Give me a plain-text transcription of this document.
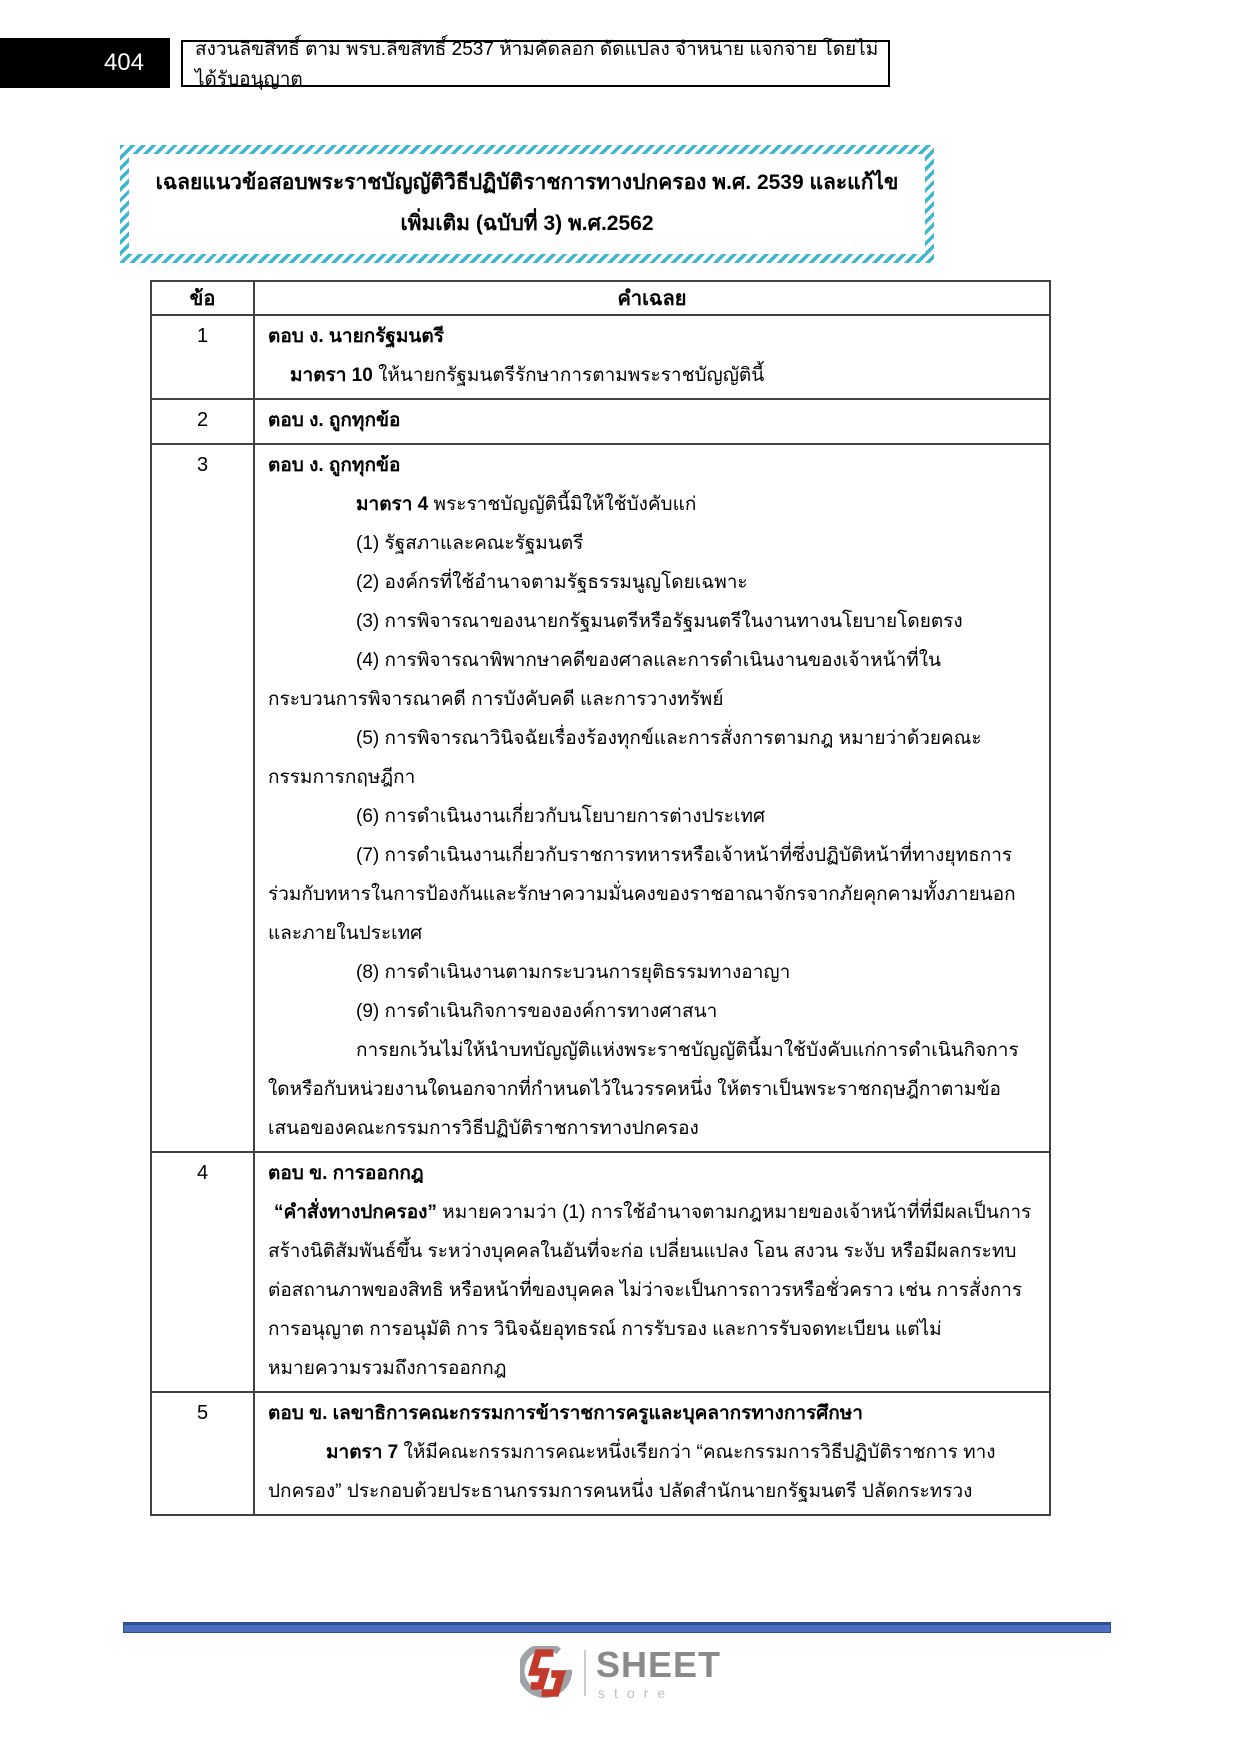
404	สงวนลิขสิทธิ์ ตาม พรบ.ลิขสิทธิ์ 2537 ห้ามคัดลอก ดัดแปลง จำหน่าย แจกจ่าย โดยไม่ได้รับอนุญาต
เฉลยแนวข้อสอบพระราชบัญญัติวิธีปฏิบัติราชการทางปกครอง พ.ศ. 2539 และแก้ไขเพิ่มเติม (ฉบับที่ 3) พ.ศ.2562
ข้อ	คำเฉลย
1	ตอบ ง. นายกรัฐมนตรี
มาตรา 10 ให้นายกรัฐมนตรีรักษาการตามพระราชบัญญัตินี้

2	ตอบ ง. ถูกทุกข้อ

3	ตอบ ง. ถูกทุกข้อ
มาตรา 4 พระราชบัญญัตินี้มิให้ใช้บังคับแก่
(1) รัฐสภาและคณะรัฐมนตรี
(2) องค์กรที่ใช้อำนาจตามรัฐธรรมนูญโดยเฉพาะ
(3) การพิจารณาของนายกรัฐมนตรีหรือรัฐมนตรีในงานทางนโยบายโดยตรง
(4) การพิจารณาพิพากษาคดีของศาลและการดำเนินงานของเจ้าหน้าที่ในกระบวนการพิจารณาคดี การบังคับคดี และการวางทรัพย์
(5) การพิจารณาวินิจฉัยเรื่องร้องทุกข์และการสั่งการตามกฎ หมายว่าด้วยคณะกรรมการกฤษฎีกา
(6) การดำเนินงานเกี่ยวกับนโยบายการต่างประเทศ
(7) การดำเนินงานเกี่ยวกับราชการทหารหรือเจ้าหน้าที่ซึ่งปฏิบัติหน้าที่ทางยุทธการร่วมกับทหารในการป้องกันและรักษาความมั่นคงของราชอาณาจักรจากภัยคุกคามทั้งภายนอกและภายในประเทศ
(8) การดำเนินงานตามกระบวนการยุติธรรมทางอาญา
(9) การดำเนินกิจการขององค์การทางศาสนา
การยกเว้นไม่ให้นำบทบัญญัติแห่งพระราชบัญญัตินี้มาใช้บังคับแก่การดำเนินกิจการใดหรือกับหน่วยงานใดนอกจากที่กำหนดไว้ในวรรคหนึ่ง ให้ตราเป็นพระราชกฤษฎีกาตามข้อเสนอของคณะกรรมการวิธีปฏิบัติราชการทางปกครอง

4	ตอบ ข. การออกกฎ
“คำสั่งทางปกครอง” หมายความว่า (1) การใช้อำนาจตามกฎหมายของเจ้าหน้าที่ที่มีผลเป็นการสร้างนิติสัมพันธ์ขึ้น ระหว่างบุคคลในอันที่จะก่อ เปลี่ยนแปลง โอน สงวน ระงับ หรือมีผลกระทบต่อสถานภาพของสิทธิ หรือหน้าที่ของบุคคล ไม่ว่าจะเป็นการถาวรหรือชั่วคราว เช่น การสั่งการ การอนุญาต การอนุมัติ การ วินิจฉัยอุทธรณ์ การรับรอง และการรับจดทะเบียน แต่ไม่หมายความรวมถึงการออกกฎ

5	ตอบ ข. เลขาธิการคณะกรรมการข้าราชการครูและบุคลากรทางการศึกษา
มาตรา 7 ให้มีคณะกรรมการคณะหนึ่งเรียกว่า “คณะกรรมการวิธีปฏิบัติราชการ ทางปกครอง” ประกอบด้วยประธานกรรมการคนหนึ่ง ปลัดสำนักนายกรัฐมนตรี ปลัดกระทรวง
SHEET
store
